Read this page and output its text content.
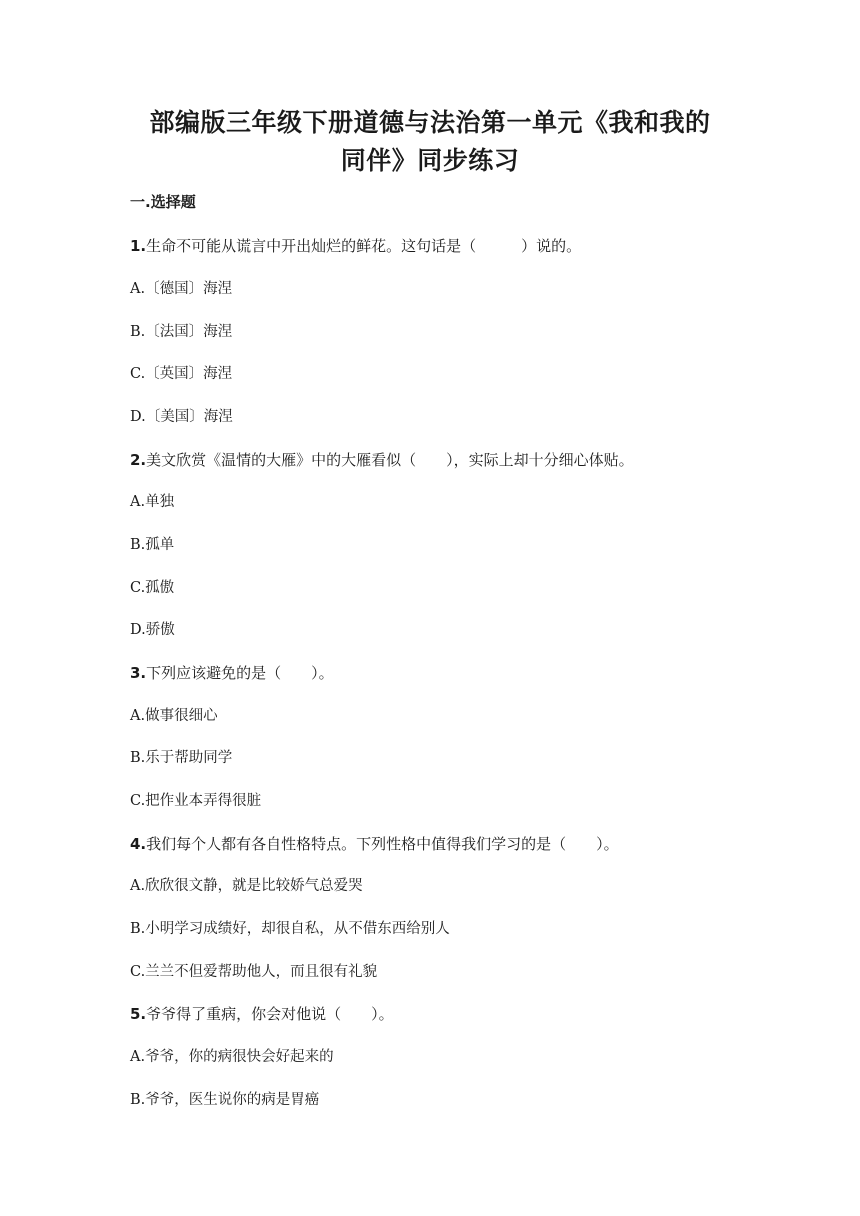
部编版三年级下册道德与法治第一单元《我和我的
同伴》同步练习
一.选择题
1.生命不可能从谎言中开出灿烂的鲜花。这句话是（　　　）说的。
A.〔德国〕海涅
B.〔法国〕海涅
C.〔英国〕海涅
D.〔美国〕海涅
2.美文欣赏《温情的大雁》中的大雁看似（　　），实际上却十分细心体贴。
A.单独
B.孤单
C.孤傲
D.骄傲
3.下列应该避免的是（　　）。
A.做事很细心
B.乐于帮助同学
C.把作业本弄得很脏
4.我们每个人都有各自性格特点。下列性格中值得我们学习的是（　　）。
A.欣欣很文静，就是比较娇气总爱哭
B.小明学习成绩好，却很自私，从不借东西给别人
C.兰兰不但爱帮助他人，而且很有礼貌
5.爷爷得了重病，你会对他说（　　）。
A.爷爷，你的病很快会好起来的
B.爷爷，医生说你的病是胃癌
